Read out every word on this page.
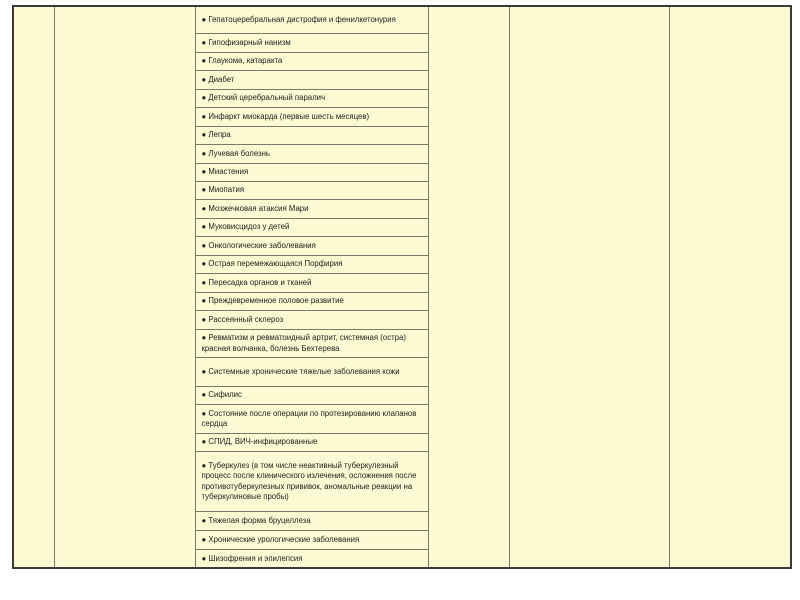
		● Гепатоцеребральная дистрофия и фенилкетонурия			
● Гипофизарный нанизм
● Глаукома, катаракта
● Диабет
● Детский церебральный паралич
● Инфаркт миокарда (первые шесть месяцев)
● Лепра
● Лучевая болезнь
● Миастения
● Миопатия
● Мозжечковая атаксия Мари
● Муковисцидоз у детей
● Онкологические заболевания
● Острая перемежающаяся Порфирия
● Пересадка органов и тканей
● Преждевременное половое развитие
● Рассеянный склероз
● Ревматизм и ревматоидный артрит, системная (остра) красная волчанка, болезнь Бехтерева
● Системные хронические тяжелые заболевания кожи
● Сифилис
● Состояние после операции по протезированию клапанов сердца
● СПИД, ВИЧ-инфицированные
● Туберкулез (в том числе неактивный туберкулезный процесс после клинического излечения, осложнения после противотуберкулезных прививок, аномальные реакции на туберкулиновые пробы)
● Тяжелая форма бруцеллеза
● Хронические урологические заболевания
● Шизофрения и эпилепсия
